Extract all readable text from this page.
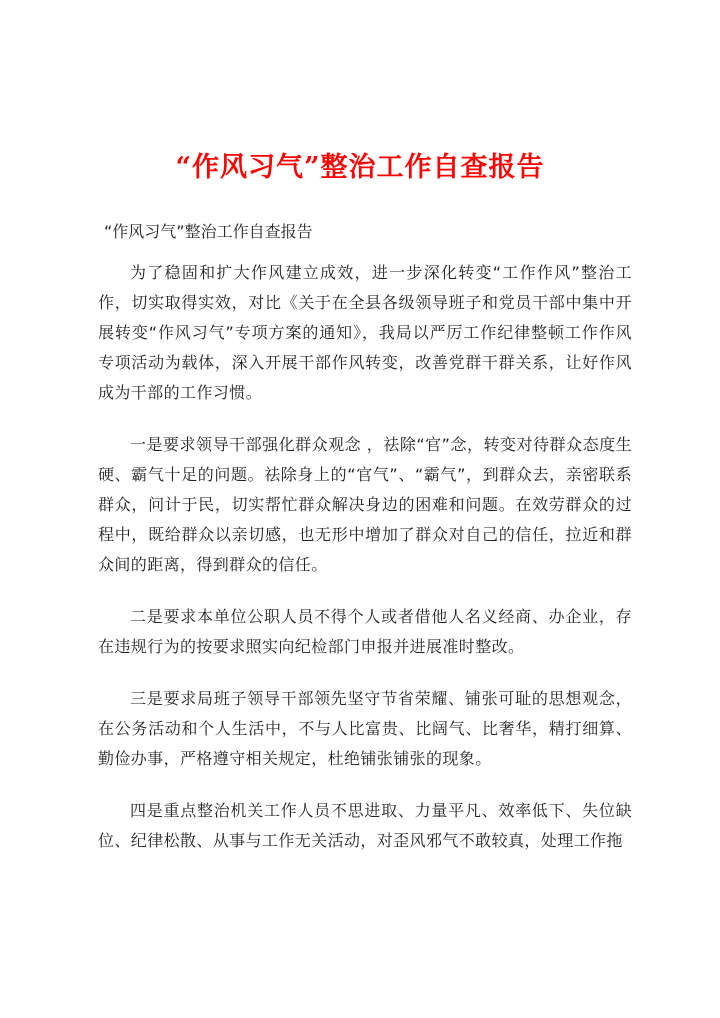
“作风习气”整治工作自查报告

“作风习气”整治工作自查报告

为了稳固和扩大作风建立成效，进一步深化转变“工作作风”整治工作，切实取得实效，对比《关于在全县各级领导班子和党员干部中集中开展转变“作风习气”专项方案的通知》，我局以严厉工作纪律整顿工作作风专项活动为载体，深入开展干部作风转变，改善党群干群关系，让好作风成为干部的工作习惯。

一是要求领导干部强化群众观念 ，祛除“官”念，转变对待群众态度生硬、霸气十足的问题。祛除身上的“官气”、“霸气”，到群众去，亲密联系群众，问计于民，切实帮忙群众解决身边的困难和问题。在效劳群众的过程中，既给群众以亲切感，也无形中增加了群众对自己的信任，拉近和群众间的距离，得到群众的信任。

二是要求本单位公职人员不得个人或者借他人名义经商、办企业，存在违规行为的按要求照实向纪检部门申报并进展准时整改。

三是要求局班子领导干部领先坚守节省荣耀、铺张可耻的思想观念，在公务活动和个人生活中，不与人比富贵、比阔气、比奢华，精打细算、勤俭办事，严格遵守相关规定，杜绝铺张铺张的现象。

四是重点整治机关工作人员不思进取、力量平凡、效率低下、失位缺位、纪律松散、从事与工作无关活动，对歪风邪气不敢较真，处理工作拖
